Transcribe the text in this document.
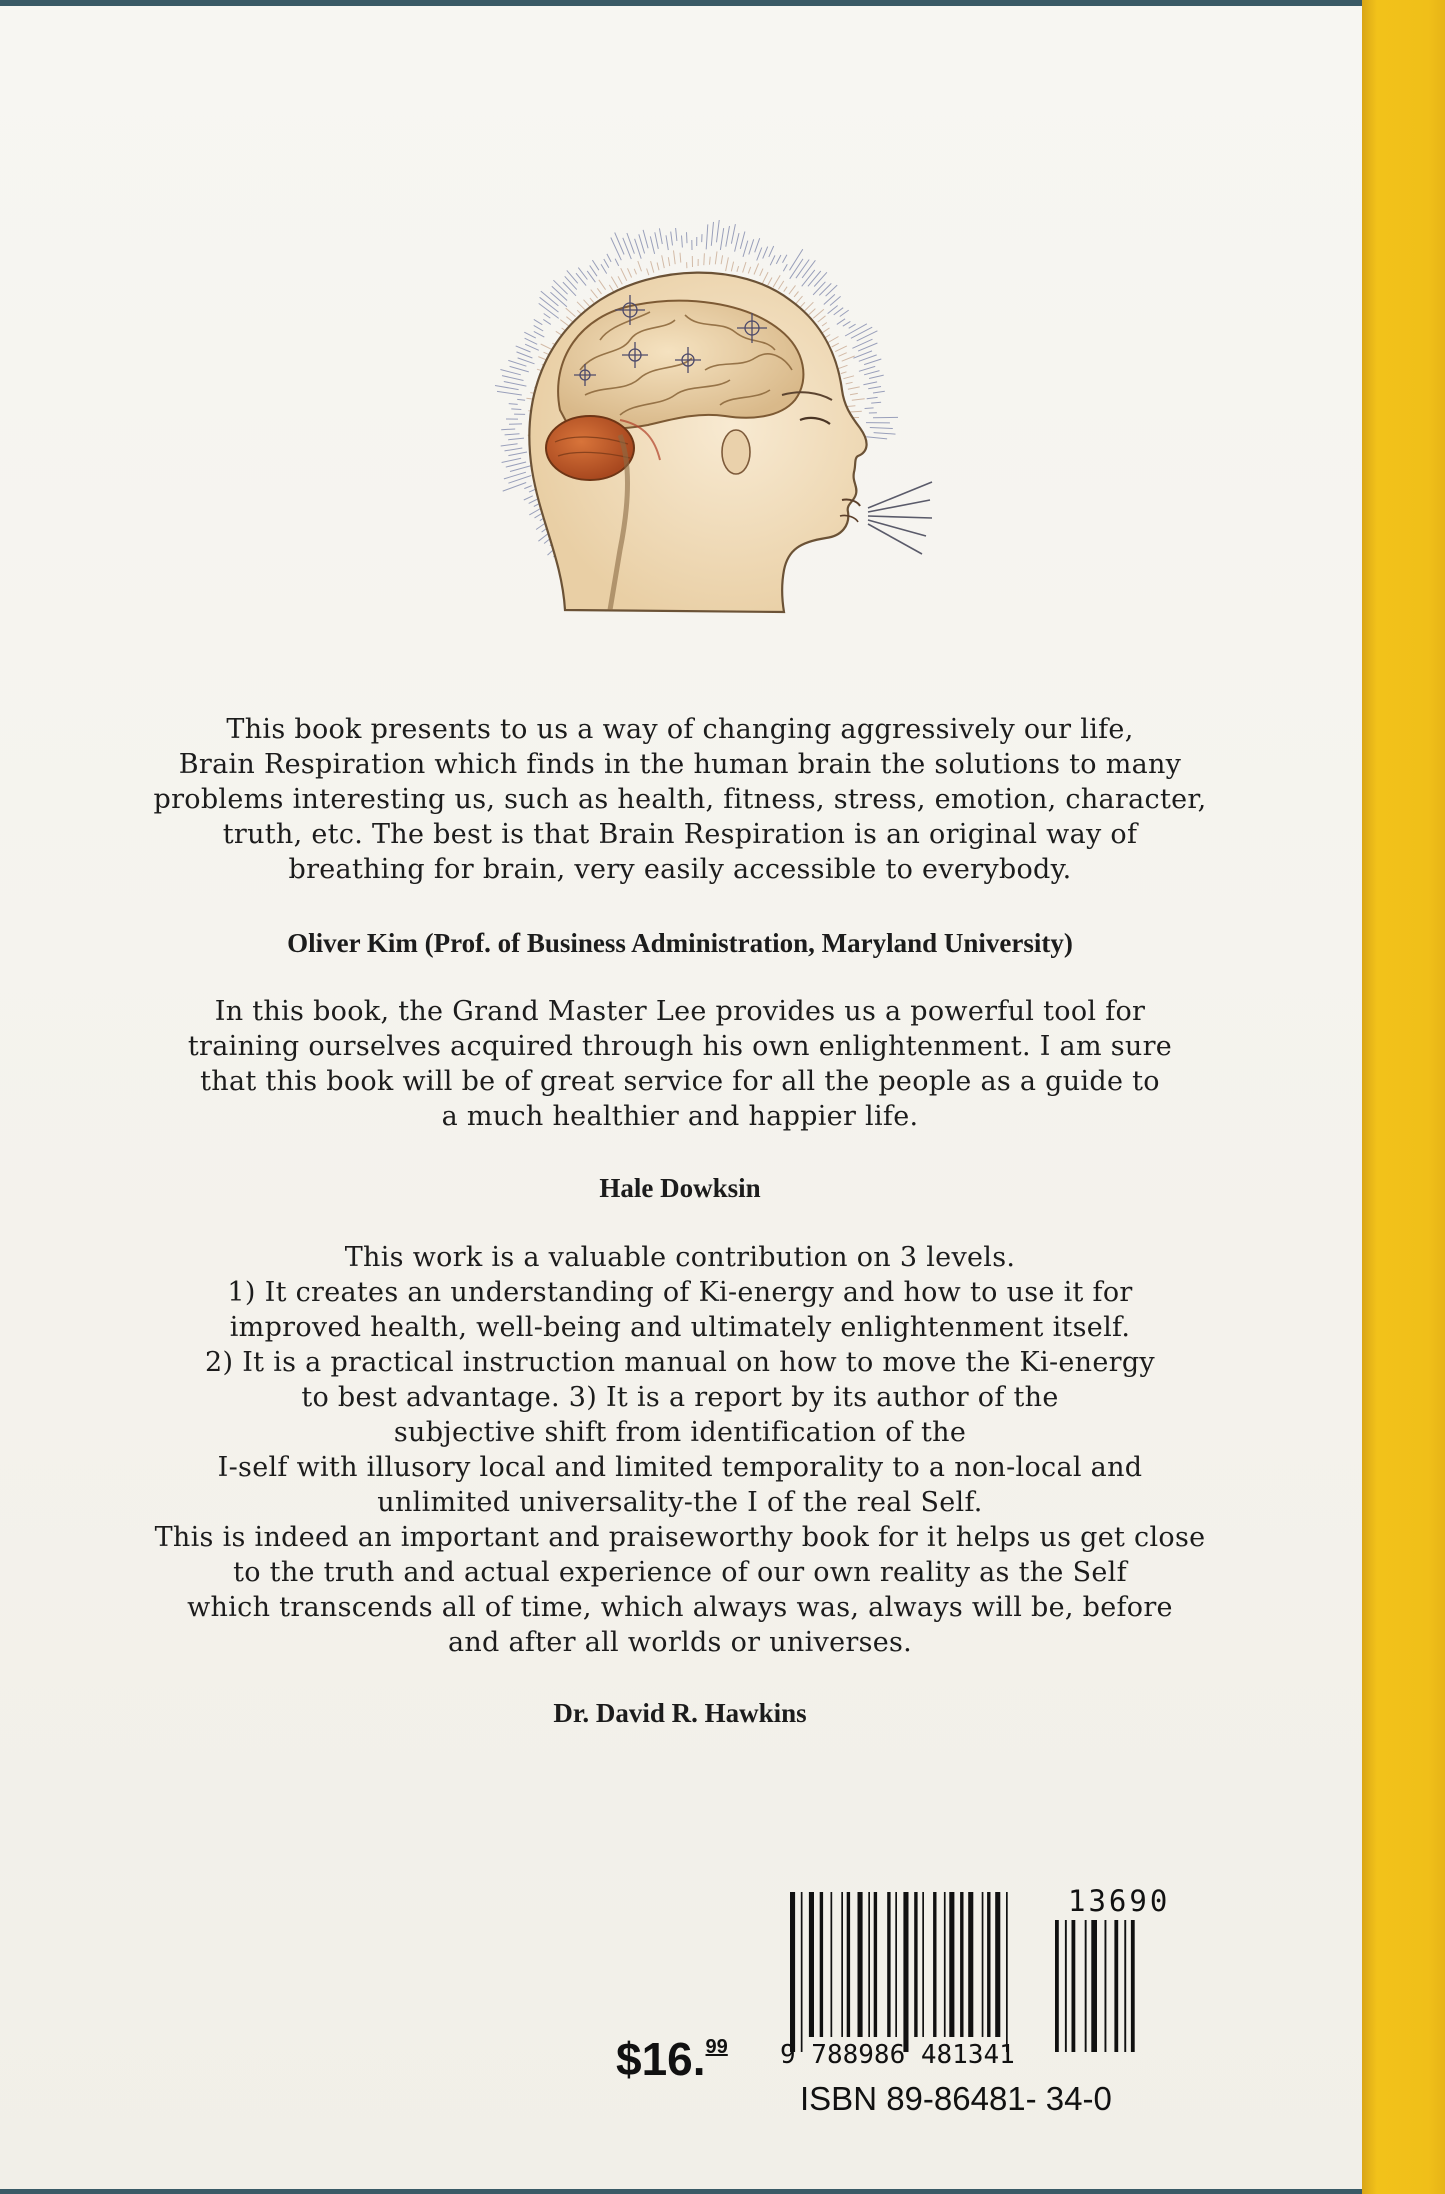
This book presents to us a way of changing aggressively our life,
Brain Respiration which finds in the human brain the solutions to many
problems interesting us, such as health, fitness, stress, emotion, character,
truth, etc. The best is that Brain Respiration is an original way of
breathing for brain, very easily accessible to everybody.
Oliver Kim (Prof. of Business Administration, Maryland University)
In this book, the Grand Master Lee provides us a powerful tool for
training ourselves acquired through his own enlightenment. I am sure
that this book will be of great service for all the people as a guide to
a much healthier and happier life.
Hale Dowksin
This work is a valuable contribution on 3 levels.
1) It creates an understanding of Ki-energy and how to use it for
improved health, well-being and ultimately enlightenment itself.
2) It is a practical instruction manual on how to move the Ki-energy
to best advantage. 3) It is a report by its author of the
subjective shift from identification of the
I-self with illusory local and limited temporality to a non-local and
unlimited universality-the I of the real Self.
This is indeed an important and praiseworthy book for it helps us get close
to the truth and actual experience of our own reality as the Self
which transcends all of time, which always was, always will be, before
and after all worlds or universes.
Dr. David R. Hawkins
$16.99
13690
9 788986 481341
ISBN 89-86481- 34-0
